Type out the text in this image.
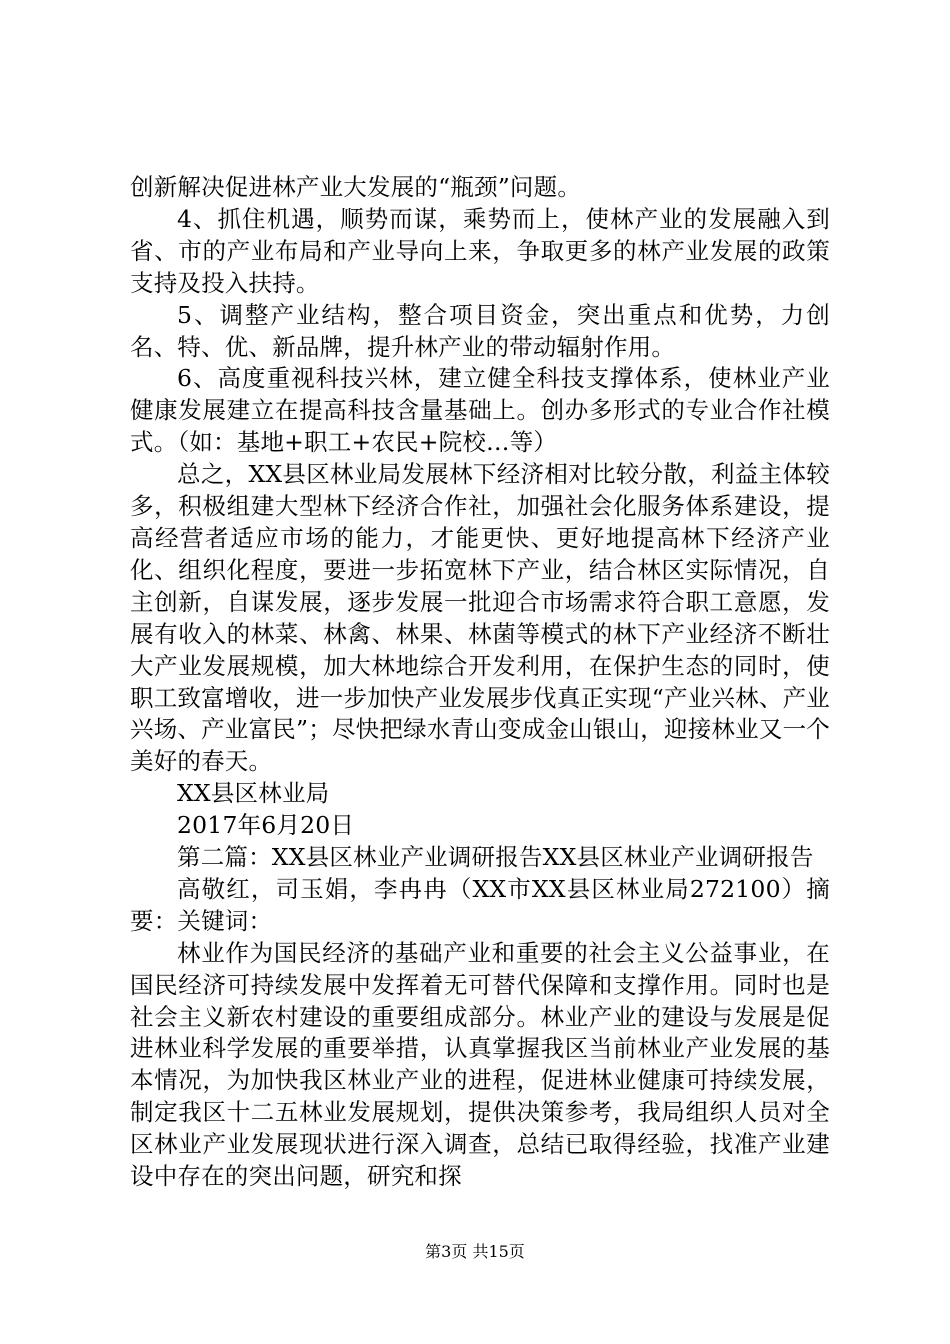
创新解决促进林产业大发展的“瓶颈”问题。

4、抓住机遇，顺势而谋，乘势而上，使林产业的发展融入到省、市的产业布局和产业导向上来，争取更多的林产业发展的政策支持及投入扶持。

5、调整产业结构，整合项目资金，突出重点和优势，力创名、特、优、新品牌，提升林产业的带动辐射作用。

6、高度重视科技兴林，建立健全科技支撑体系，使林业产业健康发展建立在提高科技含量基础上。创办多形式的专业合作社模式。（如：基地+职工+农民+院校…等）

总之，XX县区林业局发展林下经济相对比较分散，利益主体较多，积极组建大型林下经济合作社，加强社会化服务体系建设，提高经营者适应市场的能力，才能更快、更好地提高林下经济产业化、组织化程度，要进一步拓宽林下产业，结合林区实际情况，自主创新，自谋发展，逐步发展一批迎合市场需求符合职工意愿，发展有收入的林菜、林禽、林果、林菌等模式的林下产业经济不断壮大产业发展规模，加大林地综合开发利用，在保护生态的同时，使职工致富增收，进一步加快产业发展步伐真正实现“产业兴林、产业兴场、产业富民”；尽快把绿水青山变成金山银山，迎接林业又一个美好的春天。

XX县区林业局

2017年6月20日

第二篇：XX县区林业产业调研报告XX县区林业产业调研报告

高敬红，司玉娟，李冉冉（XX市XX县区林业局272100）摘要：关键词：

林业作为国民经济的基础产业和重要的社会主义公益事业，在国民经济可持续发展中发挥着无可替代保障和支撑作用。同时也是社会主义新农村建设的重要组成部分。林业产业的建设与发展是促进林业科学发展的重要举措，认真掌握我区当前林业产业发展的基本情况，为加快我区林业产业的进程，促进林业健康可持续发展，制定我区十二五林业发展规划，提供决策参考，我局组织人员对全区林业产业发展现状进行深入调查，总结已取得经验，找准产业建设中存在的突出问题，研究和探

第3页 共15页
